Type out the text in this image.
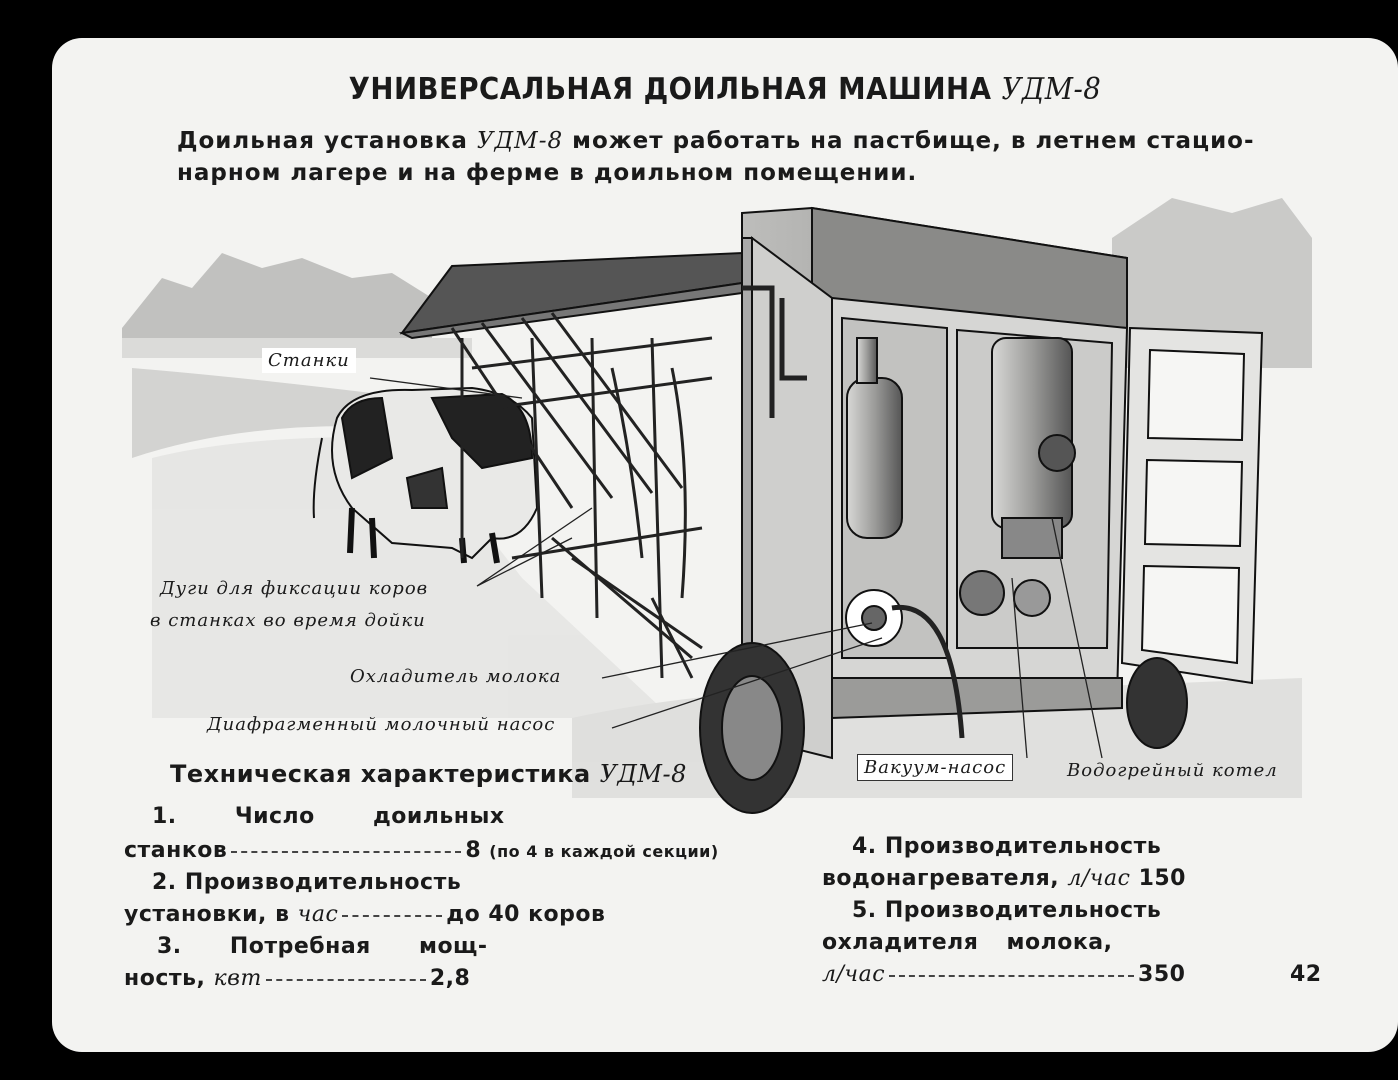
УНИВЕРСАЛЬНАЯ ДОИЛЬНАЯ МАШИНА УДМ-8
Доильная установка УДМ-8 может работать на пастбище, в летнем стацио-
нарном лагере и на ферме в доильном помещении.
Станки
Дуги для фиксации коров
в станках во время дойки
Охладитель молока
Диафрагменный молочный насос
Вакуум-насос	Водогрейный котел
Техническая характеристика УДМ-8
1. Число доильных
станков	8 (по 4 в каждой секции)
2. Производительность
установки, в час	до 40 коров
3. Потребная мощ-
ность, квт	2,8
4. Производительность
водонагревателя, л/час 150
5. Производительность
охладителя молока,
л/час	350	42
